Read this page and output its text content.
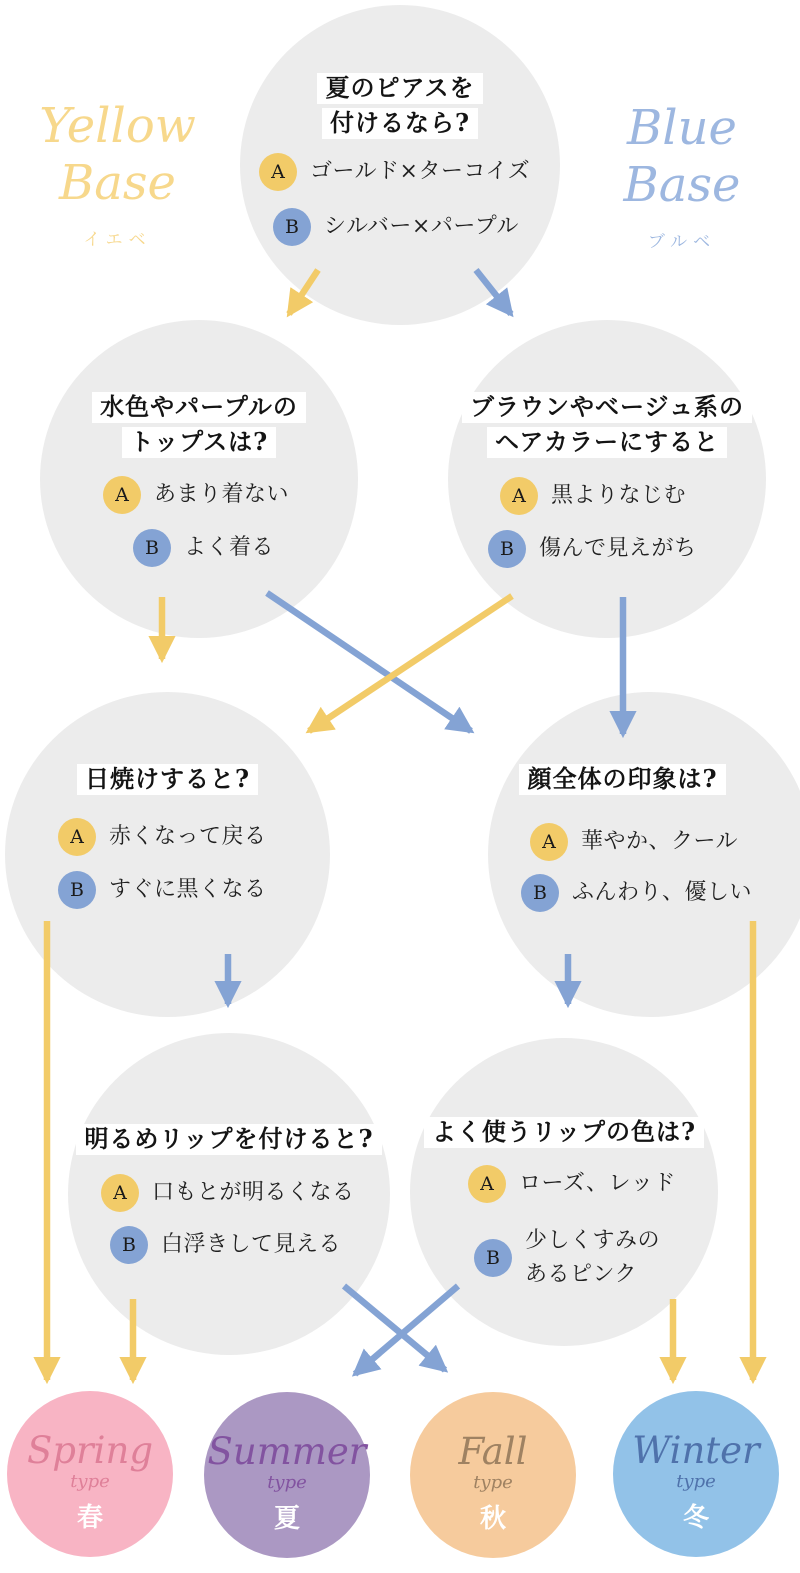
Yellow
Base
イエベ
Blue
Base
ブルベ
夏のピアスを
付けるなら?
A	ゴールド×ターコイズ
B	シルバー×パープル
水色やパープルの
トップスは?
A	あまり着ない
B	よく着る
ブラウンやベージュ系の
ヘアカラーにすると
A	黒よりなじむ
B	傷んで見えがち
日焼けすると?
A	赤くなって戻る
B	すぐに黒くなる
顔全体の印象は?
A	華やか、クール
B	ふんわり、優しい
明るめリップを付けると?
A	口もとが明るくなる
B	白浮きして見える
よく使うリップの色は?
A	ローズ、レッド
B
少しくすみの
あるピンク
Spring
type
春
Summer
type
夏
Fall
type
秋
Winter
type
冬
